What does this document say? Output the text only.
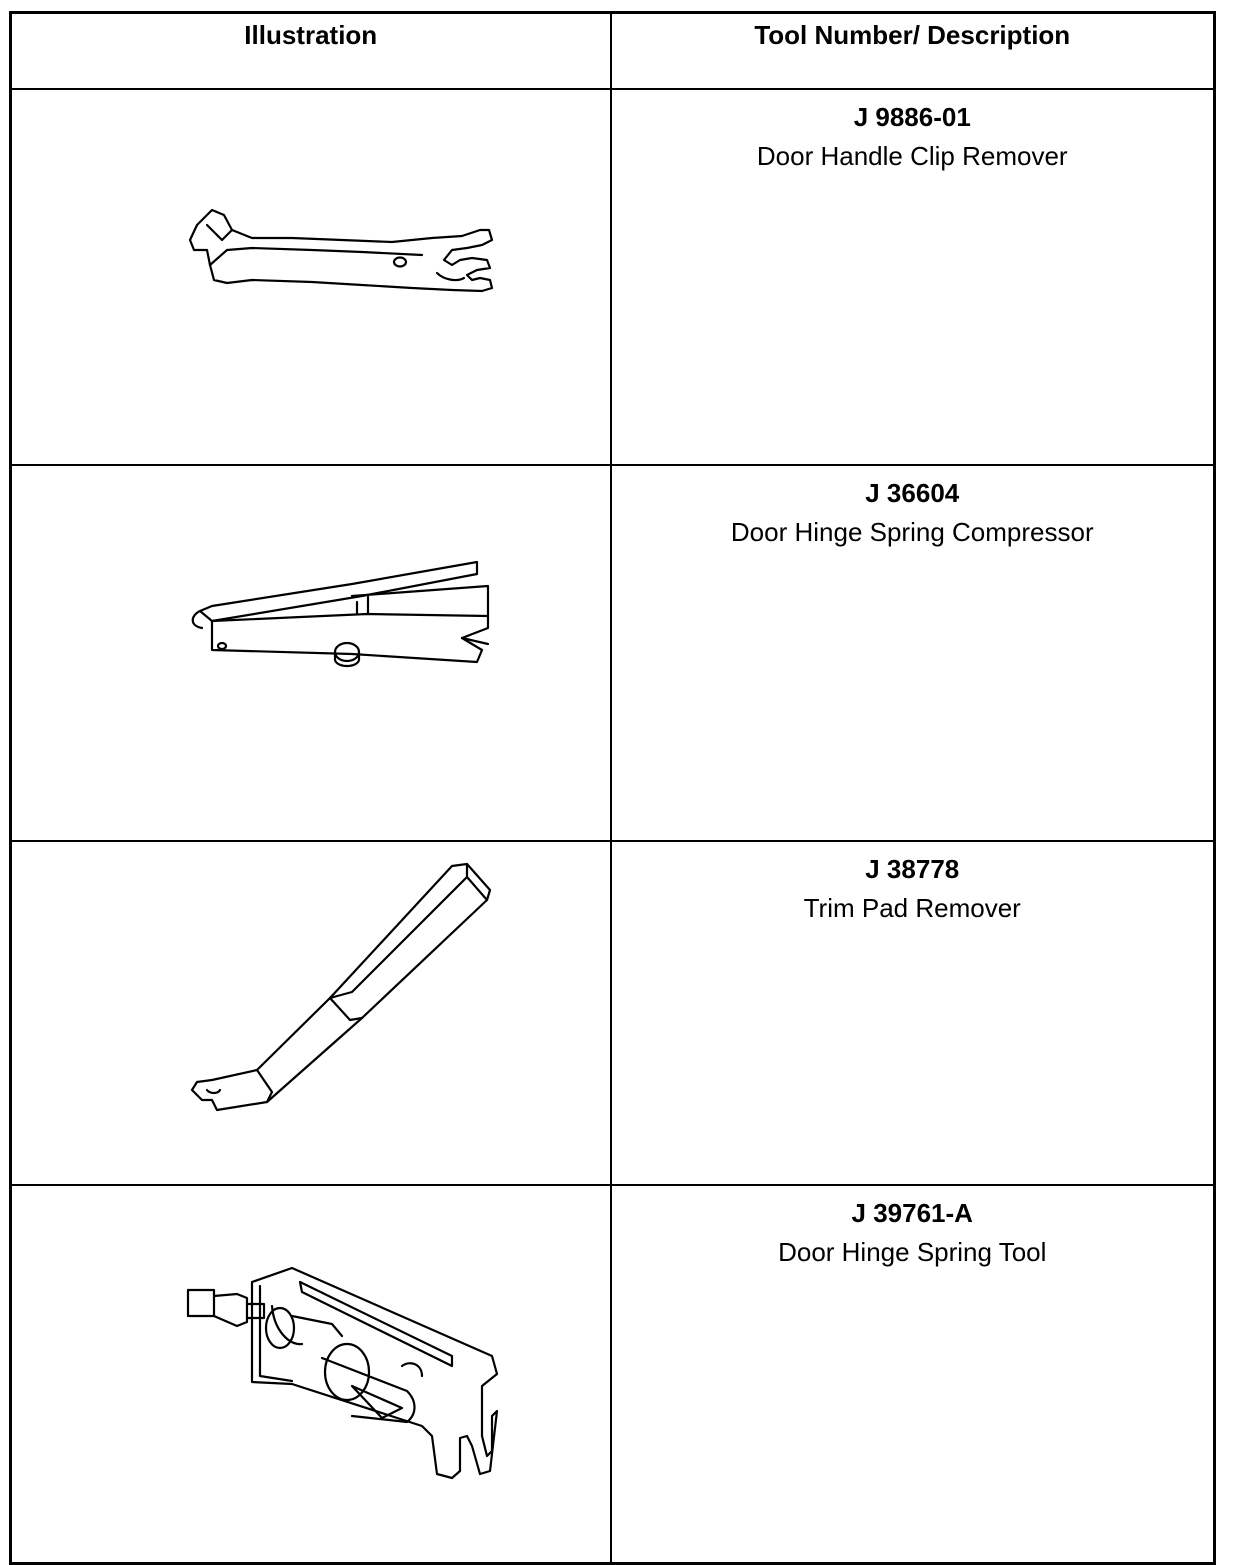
Illustration	Tool Number/ Description

J 9886-01
Door Handle Clip Remover

J 36604
Door Hinge Spring Compressor

J 38778
Trim Pad Remover

J 39761-A
Door Hinge Spring Tool
